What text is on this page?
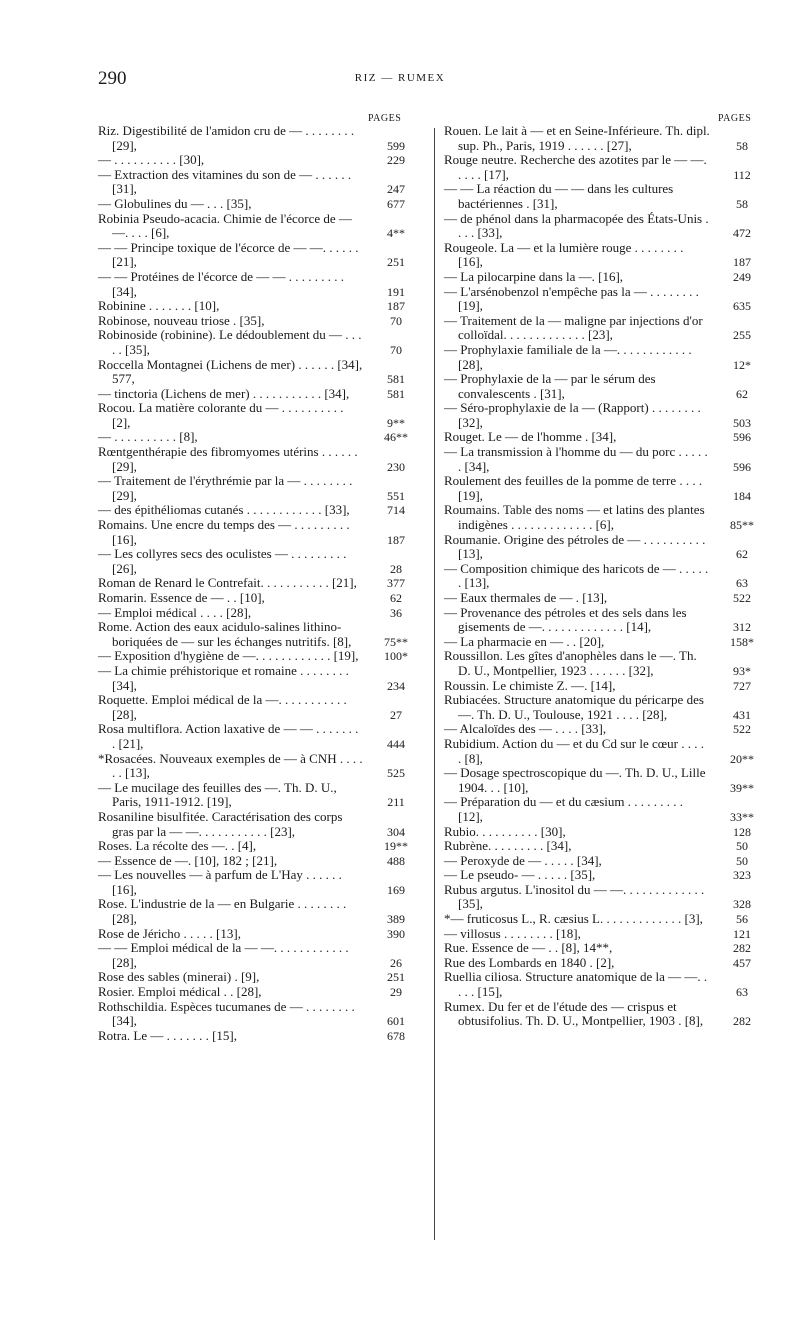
290	RIZ — RUMEX
PAGES	PAGES
Riz. Digestibilité de l'amidon cru de — . . . . . . . . [29],	599
— . . . . . . . . . . [30],	229
— Extraction des vitamines du son de — . . . . . . [31],	247
— Globulines du — . . . [35],	677
Robinia Pseudo-acacia. Chimie de l'écorce de — —. . . . [6],	4**
— — Principe toxique de l'écorce de — —. . . . . . [21],	251
— — Protéines de l'écorce de — — . . . . . . . . . [34],	191
Robinine . . . . . . . [10],	187
Robinose, nouveau triose . [35],	70
Robinoside (robinine). Le dédoublement du — . . . . . [35],	70
Roccella Montagnei (Lichens de mer) . . . . . . [34], 577,	581
— tinctoria (Lichens de mer) . . . . . . . . . . . [34],	581
Rocou. La matière colorante du — . . . . . . . . . . [2],	9**
— . . . . . . . . . . [8],	46**
Rœntgenthérapie des fibromyomes utérins . . . . . . [29],	230
— Traitement de l'érythrémie par la — . . . . . . . . [29],	551
— des épithéliomas cutanés . . . . . . . . . . . . [33],	714
Romains. Une encre du temps des — . . . . . . . . . [16],	187
— Les collyres secs des oculistes — . . . . . . . . . [26],	28
Roman de Renard le Contrefait. . . . . . . . . . . [21],	377
Romarin. Essence de — . . [10],	62
— Emploi médical . . . . [28],	36
Rome. Action des eaux acidulo-salines lithino-boriquées de — sur les échanges nutritifs. [8],	75**
— Exposition d'hygiène de —. . . . . . . . . . . . [19],	100*
— La chimie préhistorique et romaine . . . . . . . . [34],	234
Roquette. Emploi médical de la —. . . . . . . . . . . [28],	27
Rosa multiflora. Action laxative de — — . . . . . . . . [21],	444
*Rosacées. Nouveaux exemples de — à CNH . . . . . . [13],	525
— Le mucilage des feuilles des —. Th. D. U., Paris, 1911-1912. [19],	211
Rosaniline bisulfitée. Caractérisation des corps gras par la — —. . . . . . . . . . . [23],	304
Roses. La récolte des —. . [4],	19**
— Essence de —. [10], 182 ; [21],	488
— Les nouvelles — à parfum de L'Hay . . . . . . [16],	169
Rose. L'industrie de la — en Bulgarie . . . . . . . . [28],	389
Rose de Jéricho . . . . . [13],	390
— — Emploi médical de la — —. . . . . . . . . . . . [28],	26
Rose des sables (minerai) . [9],	251
Rosier. Emploi médical . . [28],	29
Rothschildia. Espèces tucumanes de — . . . . . . . . [34],	601
Rotra. Le — . . . . . . . [15],	678
Rouen. Le lait à — et en Seine-Inférieure. Th. dipl. sup. Ph., Paris, 1919 . . . . . . [27],	58
Rouge neutre. Recherche des azotites par le — —. . . . . [17],	112
— — La réaction du — — dans les cultures bactériennes . [31],	58
— de phénol dans la pharmacopée des États-Unis . . . . [33],	472
Rougeole. La — et la lumière rouge . . . . . . . . [16],	187
— La pilocarpine dans la —. [16],	249
— L'arsénobenzol n'empêche pas la — . . . . . . . . [19],	635
— Traitement de la — maligne par injections d'or colloïdal. . . . . . . . . . . . . [23],	255
— Prophylaxie familiale de la —. . . . . . . . . . . . [28],	12*
— Prophylaxie de la — par le sérum des convalescents . [31],	62
— Séro-prophylaxie de la — (Rapport) . . . . . . . . [32],	503
Rouget. Le — de l'homme . [34],	596
— La transmission à l'homme du — du porc . . . . . . [34],	596
Roulement des feuilles de la pomme de terre . . . . [19],	184
Roumains. Table des noms — et latins des plantes indigènes . . . . . . . . . . . . . [6],	85**
Roumanie. Origine des pétroles de — . . . . . . . . . . [13],	62
— Composition chimique des haricots de — . . . . . . [13],	63
— Eaux thermales de — . [13],	522
— Provenance des pétroles et des sels dans les gisements de —. . . . . . . . . . . . . [14],	312
— La pharmacie en — . . [20],	158*
Roussillon. Les gîtes d'anophèles dans le —. Th. D. U., Montpellier, 1923 . . . . . . [32],	93*
Roussin. Le chimiste Z. —. [14],	727
Rubiacées. Structure anatomique du péricarpe des —. Th. D. U., Toulouse, 1921 . . . . [28],	431
— Alcaloïdes des — . . . . [33],	522
Rubidium. Action du — et du Cd sur le cœur . . . . . [8],	20**
— Dosage spectroscopique du —. Th. D. U., Lille 1904. . . [10],	39**
— Préparation du — et du cæsium . . . . . . . . . [12],	33**
Rubio. . . . . . . . . . [30],	128
Rubrène. . . . . . . . . [34],	50
— Peroxyde de — . . . . . [34],	50
— Le pseudo- — . . . . . [35],	323
Rubus argutus. L'inositol du — —. . . . . . . . . . . . . [35],	328
*— fruticosus L., R. cæsius L. . . . . . . . . . . . . [3],	56
— villosus . . . . . . . . [18],	121
Rue. Essence de — . . [8], 14**,	282
Rue des Lombards en 1840 . [2],	457
Ruellia ciliosa. Structure anatomique de la — —. . . . . [15],	63
Rumex. Du fer et de l'étude des — crispus et obtusifolius. Th. D. U., Montpellier, 1903 . [8],	282
